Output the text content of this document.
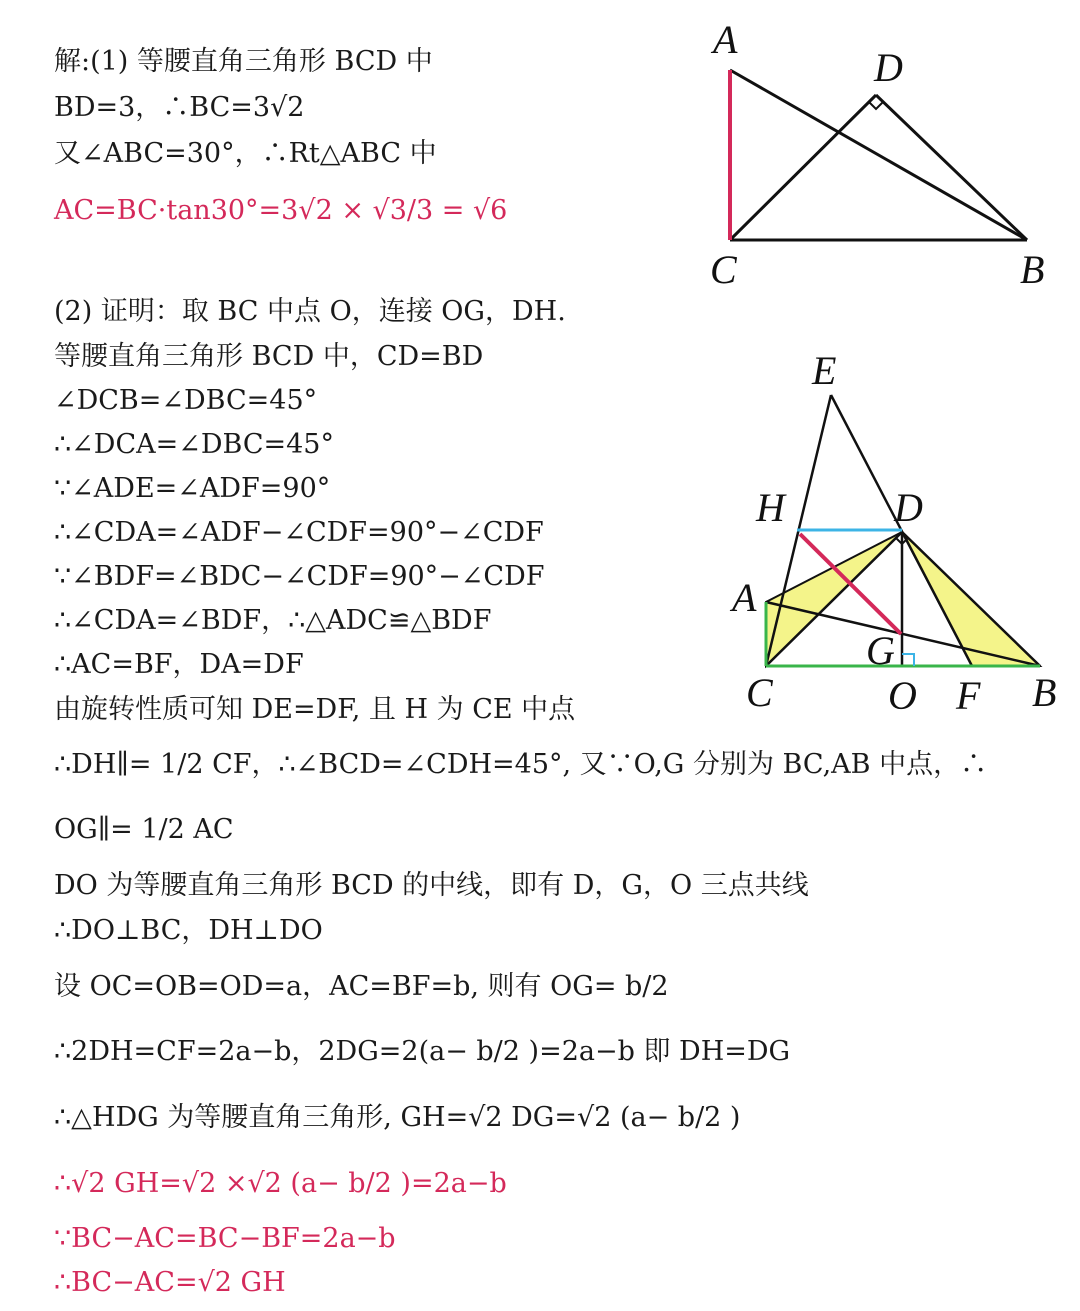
解:(1) 等腰直角三角形 BCD 中
BD=3，∴BC=3√2
又∠ABC=30°，∴Rt△ABC 中
AC=BC·tan30°=3√2 × √3/3 = √6
(2) 证明：取 BC 中点 O，连接 OG，DH.
等腰直角三角形 BCD 中，CD=BD
∠DCB=∠DBC=45°
∴∠DCA=∠DBC=45°
∵∠ADE=∠ADF=90°
∴∠CDA=∠ADF−∠CDF=90°−∠CDF
∵∠BDF=∠BDC−∠CDF=90°−∠CDF
∴∠CDA=∠BDF，∴△ADC≌△BDF
∴AC=BF，DA=DF
由旋转性质可知 DE=DF, 且 H 为 CE 中点
∴DH∥= 1/2 CF，∴∠BCD=∠CDH=45°, 又∵O,G 分别为 BC,AB 中点，∴
OG∥= 1/2 AC
DO 为等腰直角三角形 BCD 的中线，即有 D，G，O 三点共线
∴DO⊥BC，DH⊥DO
设 OC=OB=OD=a，AC=BF=b, 则有 OG= b/2
∴2DH=CF=2a−b，2DG=2(a− b/2 )=2a−b 即 DH=DG
∴△HDG 为等腰直角三角形, GH=√2 DG=√2 (a− b/2 )
∴√2 GH=√2 ×√2 (a− b/2 )=2a−b
∵BC−AC=BC−BF=2a−b
∴BC−AC=√2 GH
A
D
C	B
E
H	D
A
G
C	O F B
